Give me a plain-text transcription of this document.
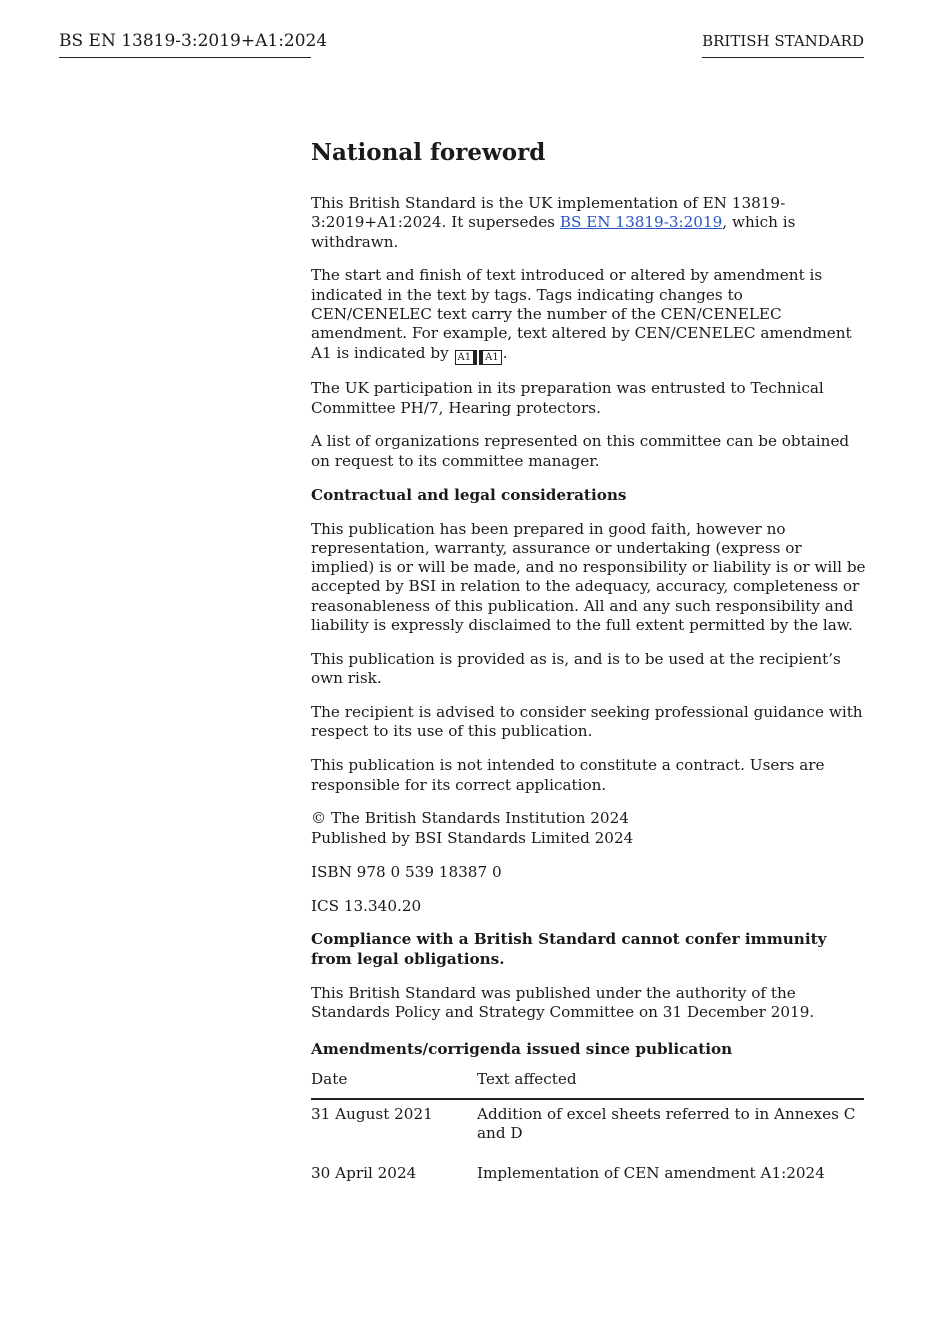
BS EN 13819-3:2019+A1:2024	BRITISH STANDARD
National foreword
This British Standard is the UK implementation of EN 13819-3:2019+A1:2024. It supersedes BS EN 13819-3:2019, which is withdrawn.
The start and finish of text introduced or altered by amendment is indicated in the text by tags. Tags indicating changes to CEN/CENELEC text carry the number of the CEN/CENELEC amendment. For example, text altered by CEN/CENELEC amendment A1 is indicated by A1 A1 .
The UK participation in its preparation was entrusted to Technical Committee PH/7, Hearing protectors.
A list of organizations represented on this committee can be obtained on request to its committee manager.
Contractual and legal considerations
This publication has been prepared in good faith, however no representation, warranty, assurance or undertaking (express or implied) is or will be made, and no responsibility or liability is or will be accepted by BSI in relation to the adequacy, accuracy, completeness or reasonableness of this publication. All and any such responsibility and liability is expressly disclaimed to the full extent permitted by the law.
This publication is provided as is, and is to be used at the recipient’s own risk.
The recipient is advised to consider seeking professional guidance with respect to its use of this publication.
This publication is not intended to constitute a contract. Users are responsible for its correct application.
© The British Standards Institution 2024
Published by BSI Standards Limited 2024
ISBN 978 0 539 18387 0
ICS 13.340.20
Compliance with a British Standard cannot confer immunity from legal obligations.
This British Standard was published under the authority of the Standards Policy and Strategy Committee on 31 December 2019.
Amendments/corrigenda issued since publication
Date	Text affected
31 August 2021	Addition of excel sheets referred to in Annexes C and D
30 April 2024	Implementation of CEN amendment A1:2024
